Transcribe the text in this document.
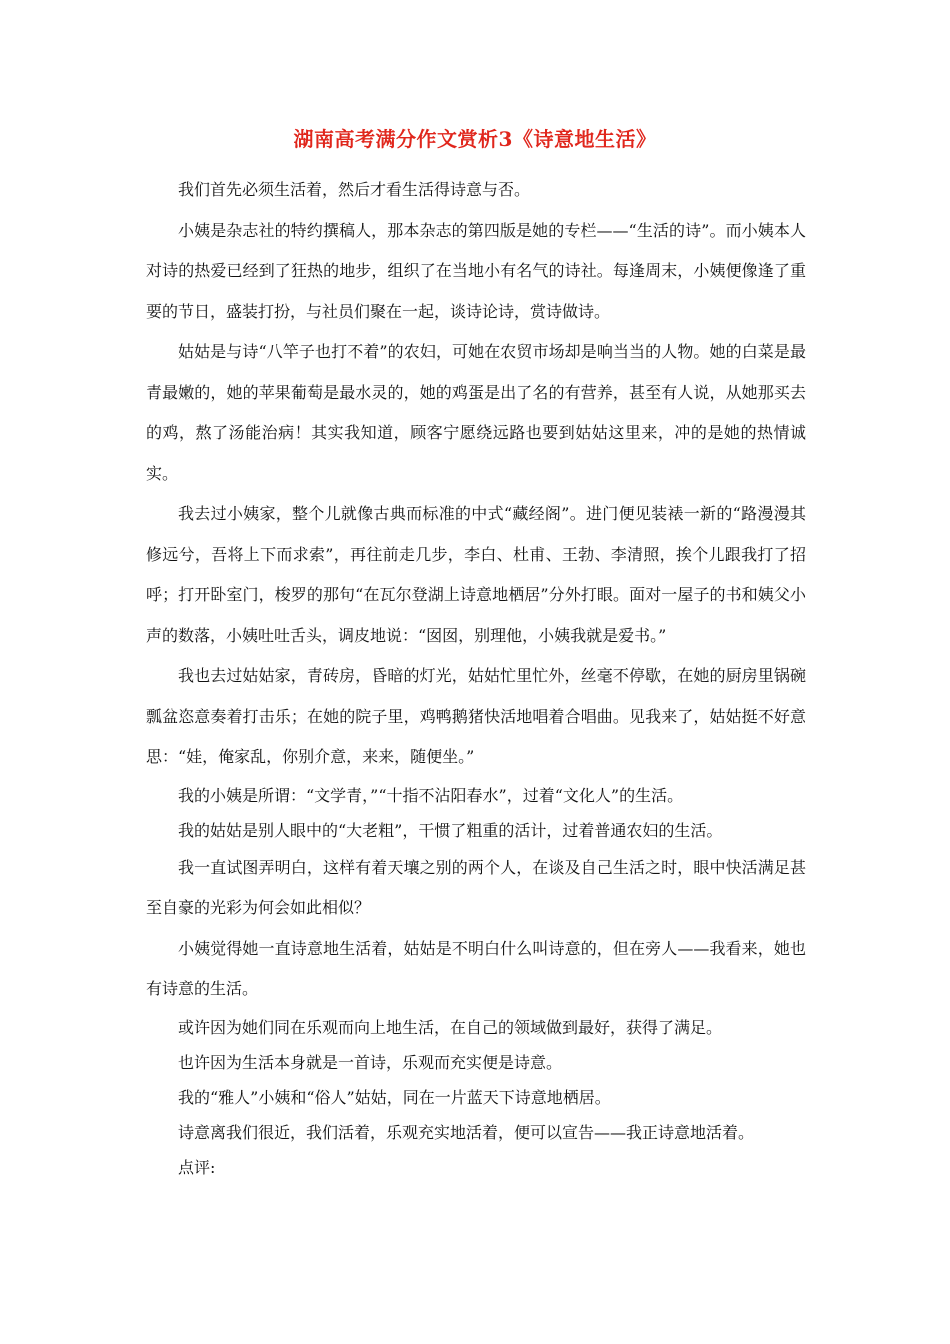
湖南高考满分作文赏析3《诗意地生活》

我们首先必须生活着，然后才看生活得诗意与否。

小姨是杂志社的特约撰稿人，那本杂志的第四版是她的专栏——“生活的诗”。而小姨本人对诗的热爱已经到了狂热的地步，组织了在当地小有名气的诗社。每逢周末，小姨便像逢了重要的节日，盛装打扮，与社员们聚在一起，谈诗论诗，赏诗做诗。

姑姑是与诗“八竿子也打不着”的农妇，可她在农贸市场却是响当当的人物。她的白菜是最青最嫩的，她的苹果葡萄是最水灵的，她的鸡蛋是出了名的有营养，甚至有人说，从她那买去的鸡，熬了汤能治病！其实我知道，顾客宁愿绕远路也要到姑姑这里来，冲的是她的热情诚实。

我去过小姨家，整个儿就像古典而标准的中式“藏经阁”。进门便见装裱一新的“路漫漫其修远兮，吾将上下而求索”，再往前走几步，李白、杜甫、王勃、李清照，挨个儿跟我打了招呼；打开卧室门，梭罗的那句“在瓦尔登湖上诗意地栖居”分外打眼。面对一屋子的书和姨父小声的数落，小姨吐吐舌头，调皮地说：“囡囡，别理他，小姨我就是爱书。”

我也去过姑姑家，青砖房，昏暗的灯光，姑姑忙里忙外，丝毫不停歇，在她的厨房里锅碗瓢盆恣意奏着打击乐；在她的院子里，鸡鸭鹅猪快活地唱着合唱曲。见我来了，姑姑挺不好意思：“娃，俺家乱，你别介意，来来，随便坐。”

我的小姨是所谓：“文学青，”“十指不沾阳春水”，过着“文化人”的生活。

我的姑姑是别人眼中的“大老粗”，干惯了粗重的活计，过着普通农妇的生活。

我一直试图弄明白，这样有着天壤之别的两个人，在谈及自己生活之时，眼中快活满足甚至自豪的光彩为何会如此相似？

小姨觉得她一直诗意地生活着，姑姑是不明白什么叫诗意的，但在旁人——我看来，她也有诗意的生活。

或许因为她们同在乐观而向上地生活，在自己的领域做到最好，获得了满足。

也许因为生活本身就是一首诗，乐观而充实便是诗意。

我的“雅人”小姨和“俗人”姑姑，同在一片蓝天下诗意地栖居。

诗意离我们很近，我们活着，乐观充实地活着，便可以宣告——我正诗意地活着。

点评:
